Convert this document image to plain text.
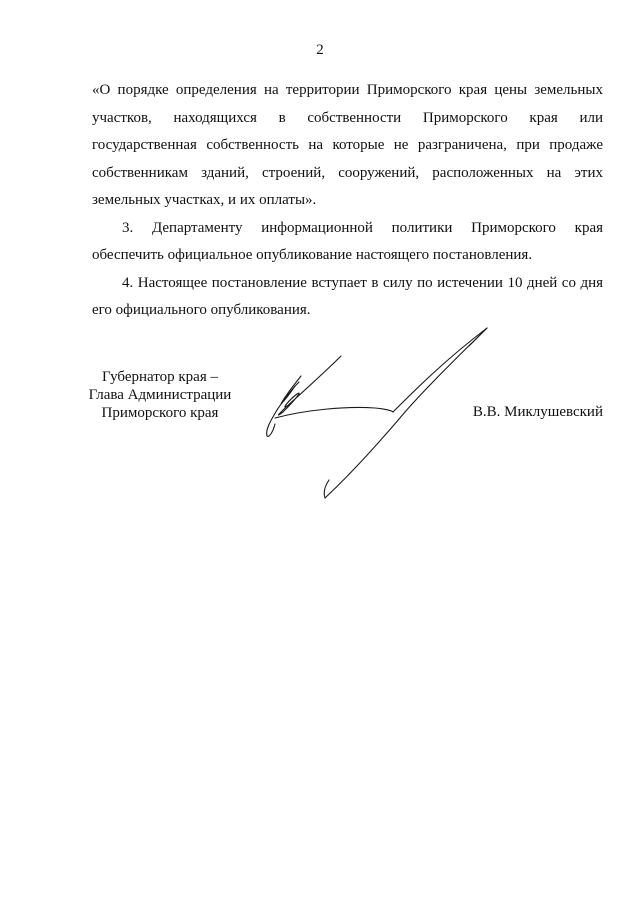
2

«О порядке определения на территории Приморского края цены земельных участков, находящихся в собственности Приморского края или государственная собственность на которые не разграничена, при продаже собственникам зданий, строений, сооружений, расположенных на этих земельных участках, и их оплаты».

3. Департаменту информационной политики Приморского края обеспечить официальное опубликование настоящего постановления.

4. Настоящее постановление вступает в силу по истечении 10 дней со дня его официального опубликования.

Губернатор края –
Глава Администрации
Приморского края	В.В. Миклушевский
